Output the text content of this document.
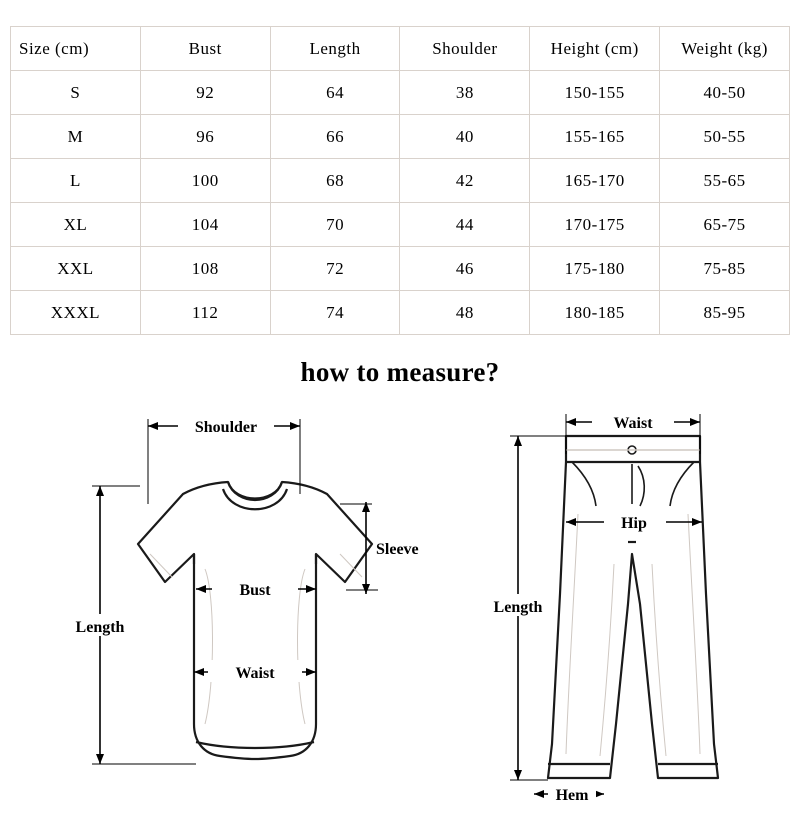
Size (cm)	Bust	Length	Shoulder	Height (cm)	Weight (kg)
S	92	64	38	150-155	40-50
M	96	66	40	155-165	50-55
L	100	68	42	165-170	55-65
XL	104	70	44	170-175	65-75
XXL	108	72	46	175-180	75-85
XXXL	112	74	48	180-185	85-95
how to measure?
Shoulder
Sleeve
Bust
Waist
Length
Waist
Hip
Length
Hem
